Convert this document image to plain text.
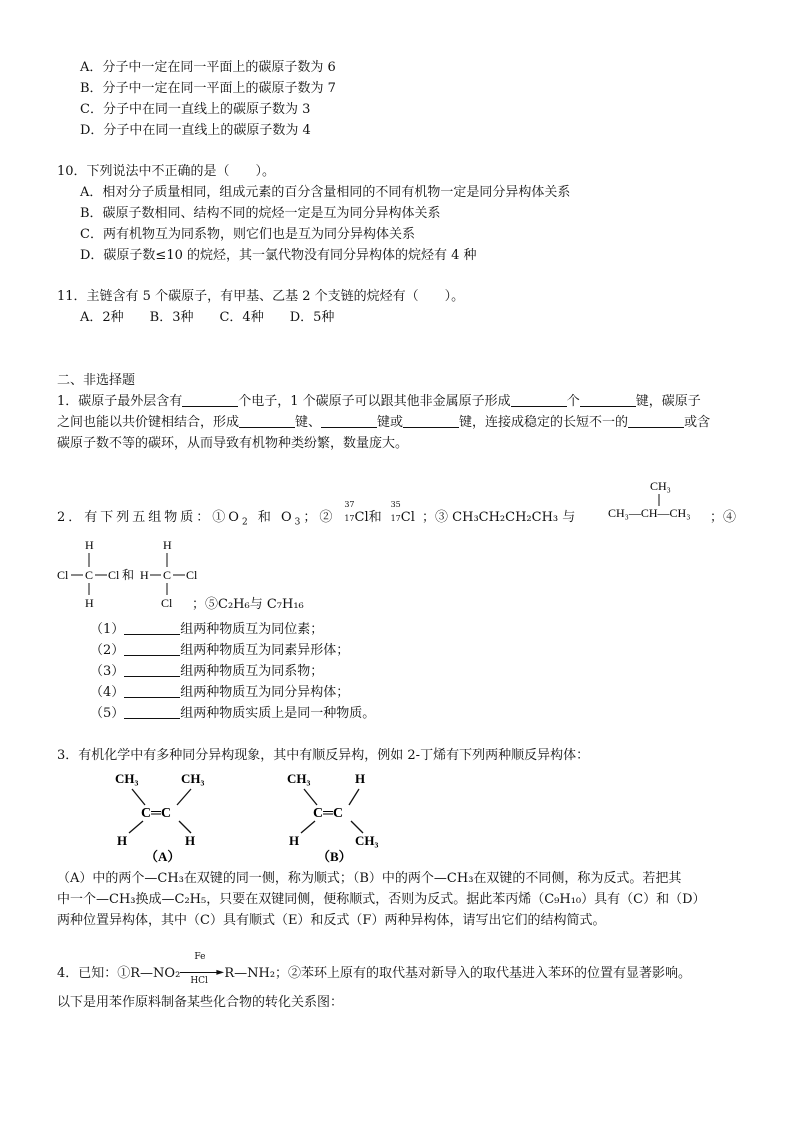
A．分子中一定在同一平面上的碳原子数为 6
B．分子中一定在同一平面上的碳原子数为 7
C．分子中在同一直线上的碳原子数为 3
D．分子中在同一直线上的碳原子数为 4
10．下列说法中不正确的是（　　）。
A．相对分子质量相同，组成元素的百分含量相同的不同有机物一定是同分异构体关系
B．碳原子数相同、结构不同的烷烃一定是互为同分异构体关系
C．两有机物互为同系物，则它们也是互为同分异构体关系
D．碳原子数≤10 的烷烃，其一氯代物没有同分异构体的烷烃有 4 种
11．主链含有 5 个碳原子，有甲基、乙基 2 个支链的烷烃有（　　）。
A．2种　　B．3种　　C．4种　　D．5种
二、非选择题
1．碳原子最外层含有	个电子，1 个碳原子可以跟其他非金属原子形成	个	键，碳原子
之间也能以共价键相结合，形成	键、	键或	键，连接成稳定的长短不一的	或含
碳原子数不等的碳环，从而导致有机物种类纷繁，数量庞大。
2．有下列五组物质：$①O_2$ 和 $O_3$；②
37
17 Cl和
35
17 Cl ；③ CH₃CH₂CH₂CH₃ 与
CH₃
CH₃—CH—CH₃ ；④
H
Cl C Cl 和
H
H
H C Cl
Cl ；⑤C₂H₆与 C₇H₁₆
（1）	组两种物质互为同位素；
（2）	组两种物质互为同素异形体；
（3）	组两种物质互为同系物；
（4）	组两种物质互为同分异构体；
（5）	组两种物质实质上是同一种物质。
3．有机化学中有多种同分异构现象，其中有顺反异构，例如 2-丁烯有下列两种顺反异构体：
CH₃	CH₃
C═C
H	H
（A）
CH₃	H
C═C
H	CH₃
（B）
（A）中的两个—CH₃在双键的同一侧，称为顺式；（B）中的两个—CH₃在双键的不同侧，称为反式。若把其
中一个—CH₃换成—C₂H₅，只要在双键同侧，便称顺式，否则为反式。据此苯丙烯（C₉H₁₀）具有（C）和（D）
两种位置异构体，其中（C）具有顺式（E）和反式（F）两种异构体，请写出它们的结构简式。
4．已知：①R—NO₂
Fe
►
HCl R—NH₂；②苯环上原有的取代基对新导入的取代基进入苯环的位置有显著影响。
以下是用苯作原料制备某些化合物的转化关系图：
